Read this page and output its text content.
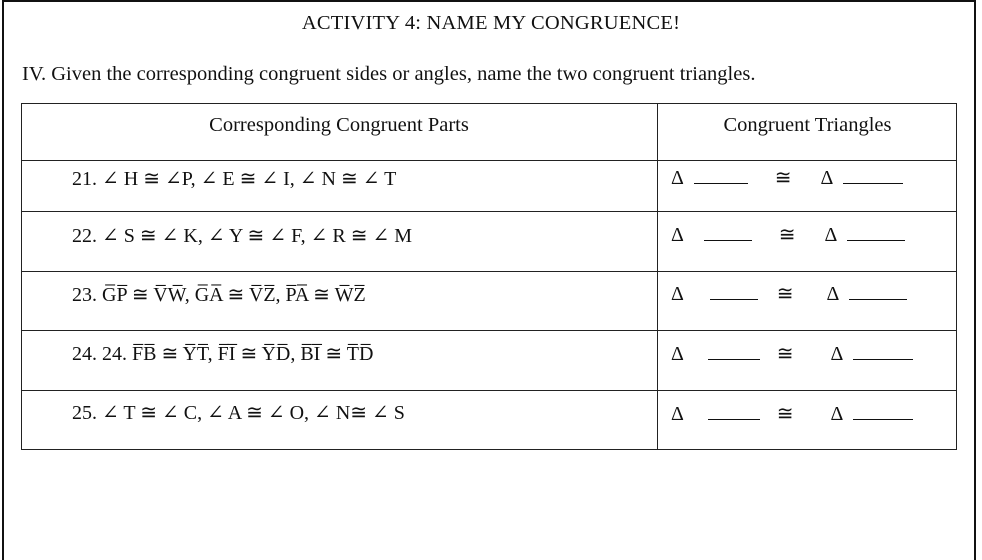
ACTIVITY 4: NAME MY CONGRUENCE!
IV. Given the corresponding congruent sides or angles, name the two congruent triangles.
Corresponding Congruent Parts	Congruent Triangles
21. ∠ H ≅ ∠P, ∠ E ≅ ∠ I, ∠ N ≅ ∠ T	Δ	≅ Δ
22. ∠ S ≅ ∠ K, ∠ Y ≅ ∠ F, ∠ R ≅ ∠ M	Δ	≅ Δ
23. G̅P̅ ≅ V̅W̅, G̅A̅ ≅ V̅Z̅, P̅A̅ ≅ W̅Z̅	Δ	≅ Δ
24. 24. F̅B̅ ≅ Y̅T̅, F̅I̅ ≅ Y̅D̅, B̅I̅ ≅ T̅D̅	Δ	≅ Δ
25. ∠ T ≅ ∠ C, ∠ A ≅ ∠ O, ∠ N≅ ∠ S	Δ	≅ Δ
